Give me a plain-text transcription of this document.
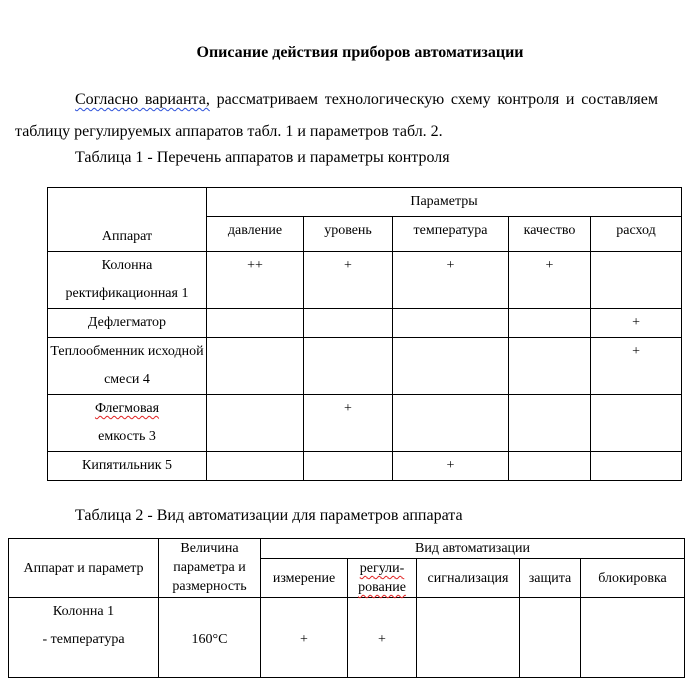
Описание действия приборов автоматизации
Согласно варианта, рассматриваем технологическую схему контроля и составляем таблицу регулируемых аппаратов табл. 1 и параметров табл. 2.
Таблица 1 - Перечень аппаратов и параметры контроля
Аппарат	Параметры				
	давление	уровень	температура	качество	расход
Колонна ректификационная 1	++	+	+	+	
Дефлегматор					+
Теплообменник исходной смеси 4					+
Флегмовая
емкость 3		+			
Кипятильник 5			+		
Таблица 2 - Вид автоматизации для параметров аппарата
Аппарат и параметр	Величина параметра и размерность	Вид автоматизации				
		измерение	регули-рование	сигнализация	защита	блокировка
Колонна 1
- температура	160°С	+	+			
